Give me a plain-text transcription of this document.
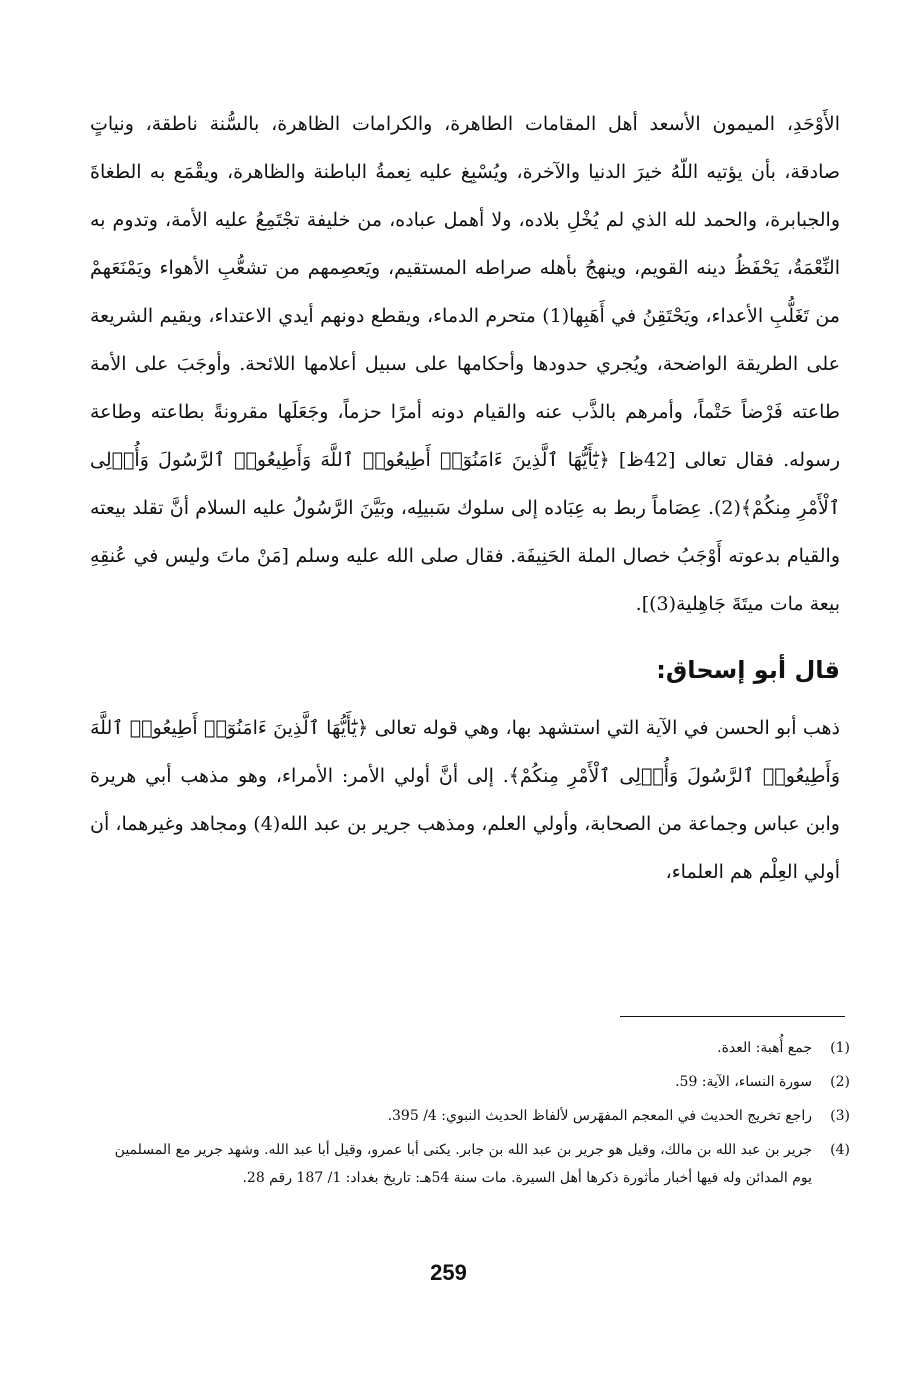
الأَوْحَدِ، الميمون الأسعد أهل المقامات الطاهرة، والكرامات الظاهرة، بالسُّنة ناطقة، ونياتٍ صادقة، بأن يؤتيه اللّهُ خيرَ الدنيا والآخرة، ويُسْبِغ عليه نِعمةُ الباطنة والظاهرة، ويقْمَع به الطغاةَ والجبابرة، والحمد لله الذي لم يُخْلِ بلاده، ولا أهمل عباده، من خليفة تجْتَمِعُ عليه الأمة، وتدوم به النِّعْمَةُ، يَحْفَظُ دينه القويم، وينهجُ بأهله صراطه المستقيم، ويَعصِمهم من تشعُّبِ الأهواء ويَمْنَعَهمْ من تَغَلُّبِ الأعداء، ويَحْتَقِنُ في أَهَبِها(1) متحرم الدماء، ويقطع دونهم أيدي الاعتداء، ويقيم الشريعة على الطريقة الواضحة، ويُجري حدودها وأحكامها على سبيل أعلامها اللائحة. وأوجَبَ على الأمة طاعته فَرْضاً حَتْماً، وأمرهم بالذَّب عنه والقيام دونه أمرًا حزماً، وجَعَلَها مقرونةً بطاعته وطاعة رسوله. فقال تعالى [42ظ] ﴿يَٰٓأَيُّهَا ٱلَّذِينَ ءَامَنُوٓا۟ أَطِيعُوا۟ ٱللَّهَ وَأَطِيعُوا۟ ٱلرَّسُولَ وَأُو۟لِى ٱلْأَمْرِ مِنكُمْ﴾(2). عِصَاماً ربط به عِبَاده إلى سلوك سَبيلِه، وبَيَّنَ الرَّسُولُ عليه السلام أنَّ تقلد بيعته والقيام بدعوته أَوْجَبُ خصال الملة الحَنِيفَة. فقال صلى الله عليه وسلم [مَنْ ماتَ وليس في عُنقِهِ بيعة مات ميتَةَ جَاهِلية(3)].

قال أبو إسحاق:

ذهب أبو الحسن في الآية التي استشهد بها، وهي قوله تعالى ﴿يَٰٓأَيُّهَا ٱلَّذِينَ ءَامَنُوٓا۟ أَطِيعُوا۟ ٱللَّهَ وَأَطِيعُوا۟ ٱلرَّسُولَ وَأُو۟لِى ٱلْأَمْرِ مِنكُمْ﴾. إلى أنَّ أولي الأمر: الأمراء، وهو مذهب أبي هريرة وابن عباس وجماعة من الصحابة، وأولي العلم، ومذهب جرير بن عبد الله(4) ومجاهد وغيرهما، أن أولي العِلْم هم العلماء،

(1)
جمع أُهبة: العدة.
(2)
سورة النساء، الآية: 59.
(3)
راجع تخريج الحديث في المعجم المفهَرس لألفاظ الحديث النبوي: 4/ 395.
(4)
جرير بن عبد الله بن مالك، وقيل هو جرير بن عبد الله بن جابر. يكنى أبا عمرو، وقيل أبا عبد الله. وشهد جرير مع المسلمين يوم المدائن وله فيها أخبار مأثورة ذكرها أهل السيرة. مات سنة 54هـ: تاريخ بغداد: 1/ 187 رقم 28.
259
